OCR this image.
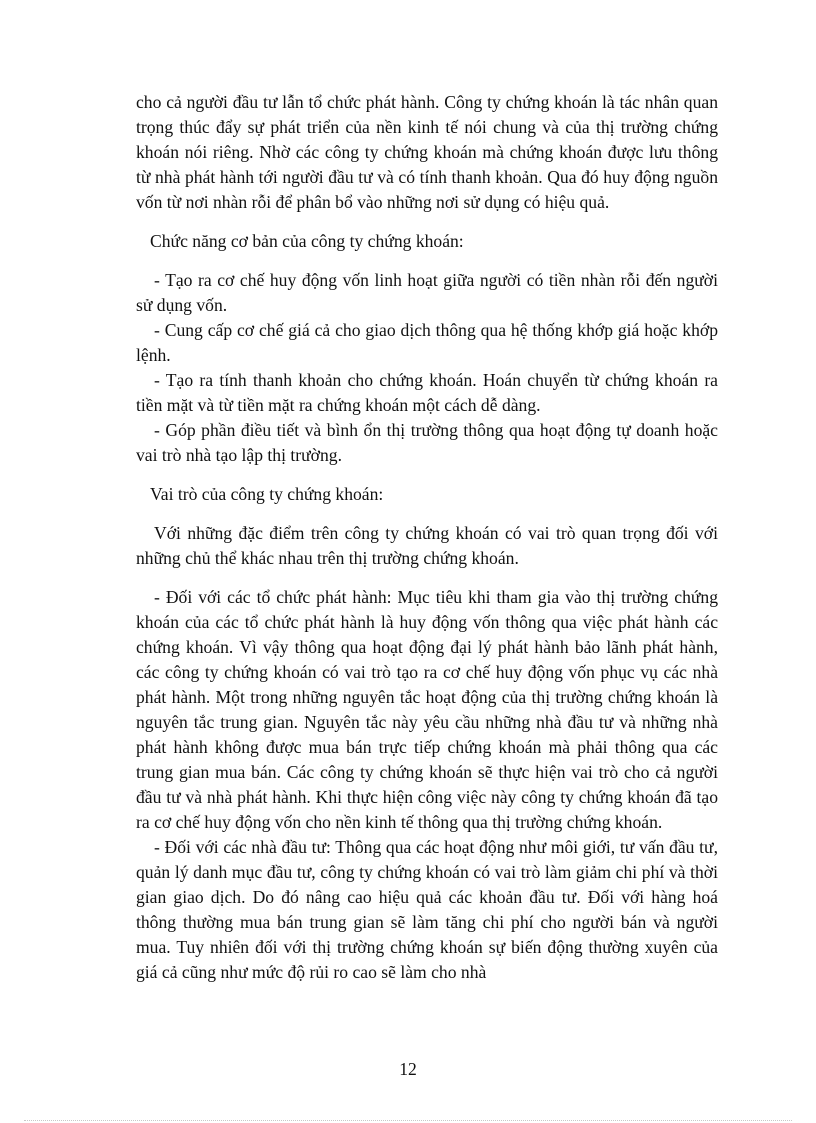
cho cả người đầu tư lẫn tổ chức phát hành. Công ty chứng khoán là tác nhân quan trọng thúc đẩy sự phát triển của nền kinh tế nói chung và của thị trường chứng khoán nói riêng. Nhờ các công ty chứng khoán mà chứng khoán được lưu thông từ nhà phát hành tới người đầu tư và có tính thanh khoản. Qua đó huy động nguồn vốn từ nơi nhàn rỗi để phân bổ vào những nơi sử dụng có hiệu quả.

Chức năng cơ bản của công ty chứng khoán:

- Tạo ra cơ chế huy động vốn linh hoạt giữa người có tiền nhàn rỗi đến người sử dụng vốn.

- Cung cấp cơ chế giá cả cho giao dịch thông qua hệ thống khớp giá hoặc khớp lệnh.

- Tạo ra tính thanh khoản cho chứng khoán. Hoán chuyển từ chứng khoán ra tiền mặt và từ tiền mặt ra chứng khoán một cách dễ dàng.

- Góp phần điều tiết và bình ổn thị trường thông qua hoạt động tự doanh hoặc vai trò nhà tạo lập thị trường.

Vai trò của công ty chứng khoán:

Với những đặc điểm trên công ty chứng khoán có vai trò quan trọng đối với những chủ thể khác nhau trên thị trường chứng khoán.

- Đối với các tổ chức phát hành: Mục tiêu khi tham gia vào thị trường chứng khoán của các tổ chức phát hành là huy động vốn thông qua việc phát hành các chứng khoán. Vì vậy thông qua hoạt động đại lý phát hành bảo lãnh phát hành, các công ty chứng khoán có vai trò tạo ra cơ chế huy động vốn phục vụ các nhà phát hành. Một trong những nguyên tắc hoạt động của thị trường chứng khoán là nguyên tắc trung gian. Nguyên tắc này yêu cầu những nhà đầu tư và những nhà phát hành không được mua bán trực tiếp chứng khoán mà phải thông qua các trung gian mua bán. Các công ty chứng khoán sẽ thực hiện vai trò cho cả người đầu tư và nhà phát hành. Khi thực hiện công việc này công ty chứng khoán đã tạo ra cơ chế huy động vốn cho nền kinh tế thông qua thị trường chứng khoán.

- Đối với các nhà đầu tư: Thông qua các hoạt động như môi giới, tư vấn đầu tư, quản lý danh mục đầu tư, công ty chứng khoán có vai trò làm giảm chi phí và thời gian giao dịch. Do đó nâng cao hiệu quả các khoản đầu tư. Đối với hàng hoá thông thường mua bán trung gian sẽ làm tăng chi phí cho người bán và người mua. Tuy nhiên đối với thị trường chứng khoán sự biến động thường xuyên của giá cả cũng như mức độ rủi ro cao sẽ làm cho nhà

12
